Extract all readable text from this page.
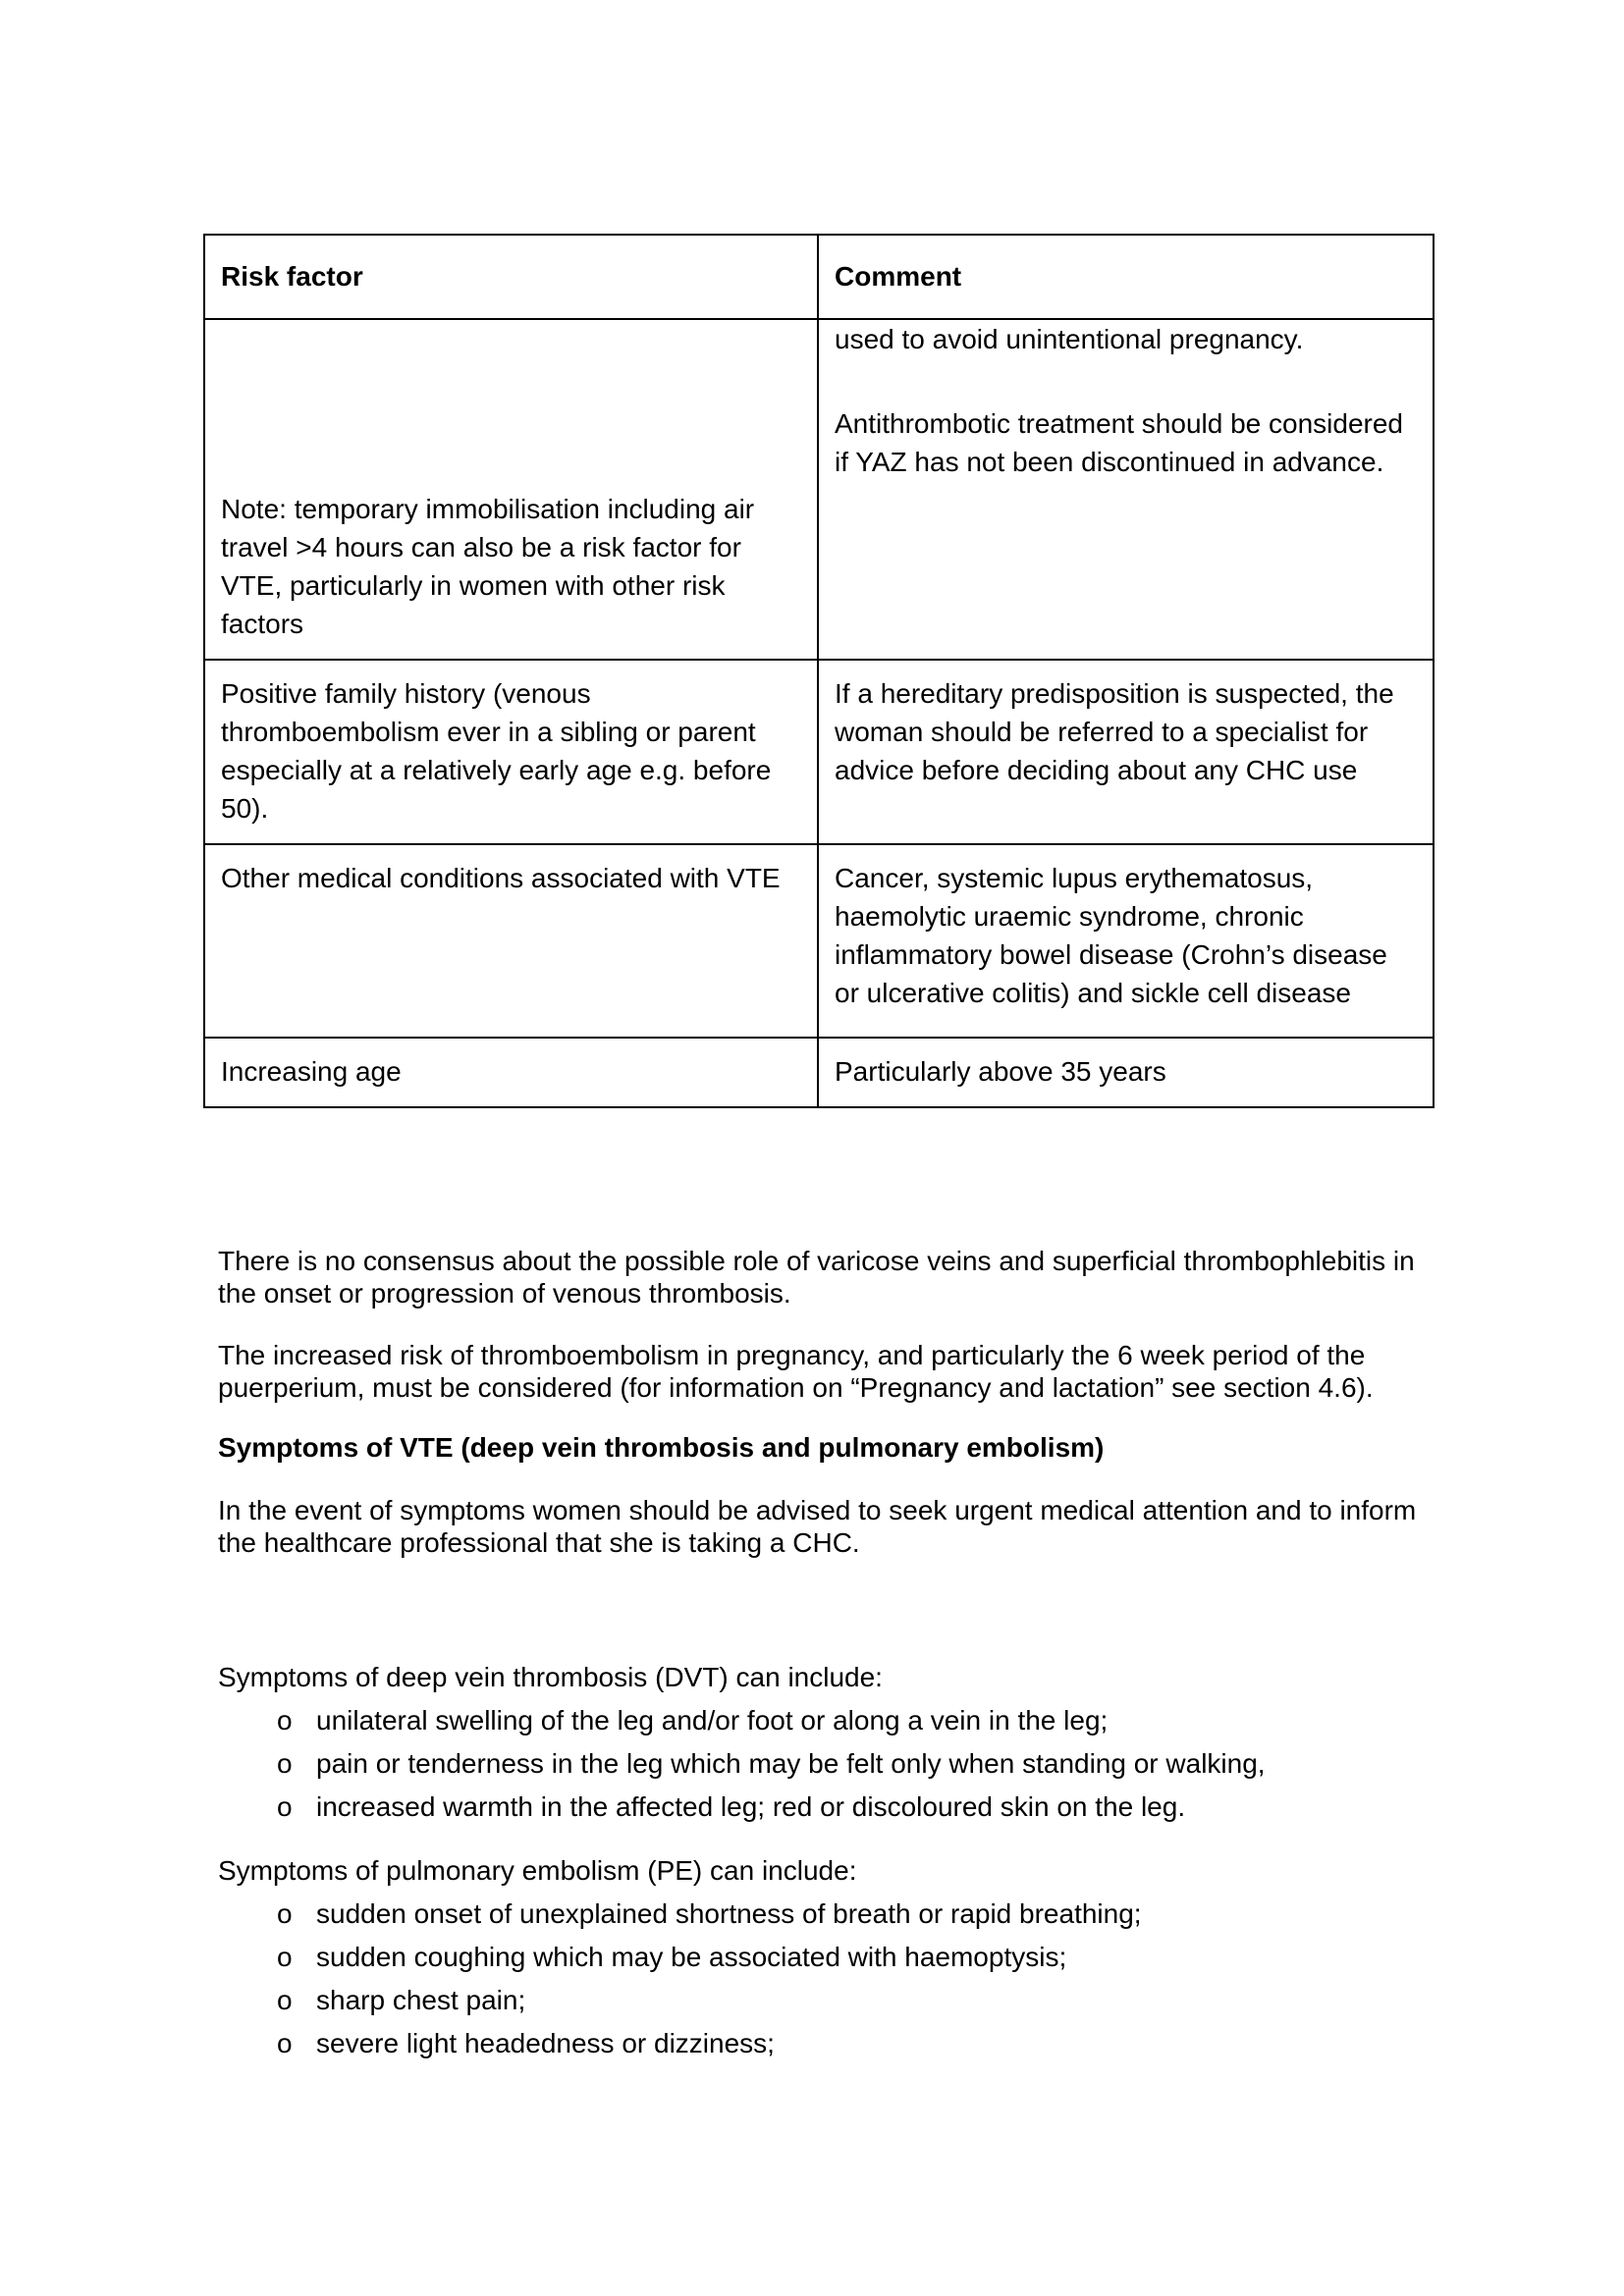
Risk factor	Comment

Note: temporary immobilisation including air travel >4 hours can also be a risk factor for VTE, particularly in women with other risk factors	used to avoid unintentional pregnancy.

Antithrombotic treatment should be considered if YAZ has not been discontinued in advance.

Positive family history (venous thromboembolism ever in a sibling or parent especially at a relatively early age e.g. before 50).	If a hereditary predisposition is suspected, the woman should be referred to a specialist for advice before deciding about any CHC use
Other medical conditions associated with VTE	Cancer, systemic lupus erythematosus, haemolytic uraemic syndrome, chronic inflammatory bowel disease (Crohn’s disease or ulcerative colitis) and sickle cell disease
Increasing age	Particularly above 35 years

There is no consensus about the possible role of varicose veins and superficial thrombophlebitis in the onset or progression of venous thrombosis.

The increased risk of thromboembolism in pregnancy, and particularly the 6 week period of the puerperium, must be considered (for information on “Pregnancy and lactation” see section 4.6).

Symptoms of VTE (deep vein thrombosis and pulmonary embolism)

In the event of symptoms women should be advised to seek urgent medical attention and to inform the healthcare professional that she is taking a CHC.

Symptoms of deep vein thrombosis (DVT) can include:
o unilateral swelling of the leg and/or foot or along a vein in the leg;
o pain or tenderness in the leg which may be felt only when standing or walking,
o increased warmth in the affected leg; red or discoloured skin on the leg.
Symptoms of pulmonary embolism (PE) can include:
o sudden onset of unexplained shortness of breath or rapid breathing;
o sudden coughing which may be associated with haemoptysis;
o sharp chest pain;
o severe light headedness or dizziness;
